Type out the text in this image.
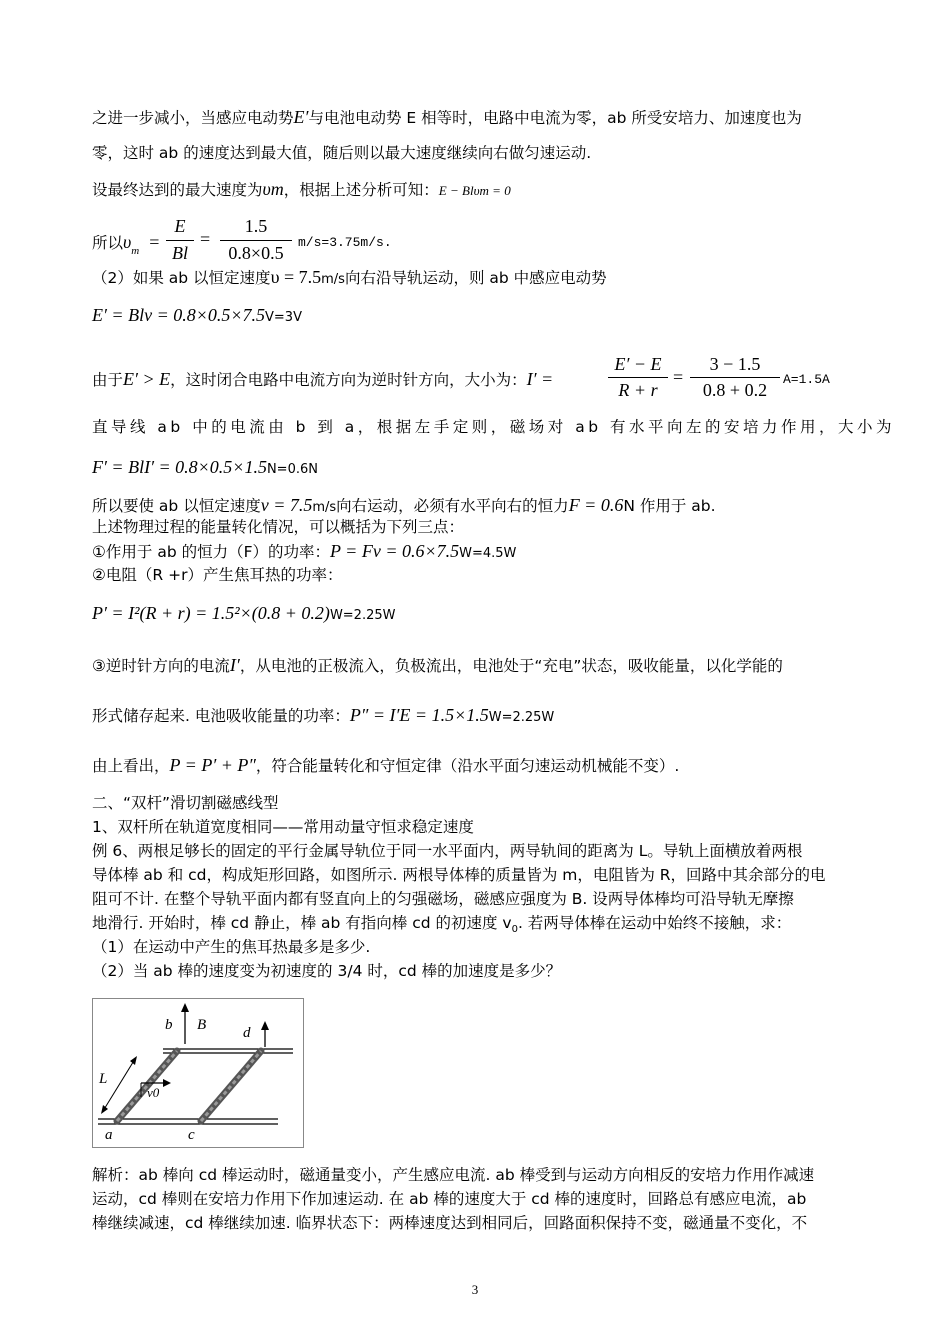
之进一步减小，当感应电动势E′与电池电动势 E 相等时，电路中电流为零，ab 所受安培力、加速度也为
零，这时 ab 的速度达到最大值，随后则以最大速度继续向右做匀速运动.
设最终达到的最大速度为υm，根据上述分析可知：E − Blυm = 0
所以$\upsilon_m$ =
E
Bl
=
1.5
0.8×0.5
m/s=3.75m/s.
（2）如果 ab 以恒定速度υ = 7.5m/s向右沿导轨运动，则 ab 中感应电动势
E′ = Blv = 0.8×0.5×7.5V=3V
由于E′ > E，这时闭合电路中电流方向为逆时针方向，大小为：I′ =
E′ − E
R + r
=
3 − 1.5
0.8 + 0.2
A=1.5A
直导线 ab 中的电流由 b 到 a，根据左手定则，磁场对 ab 有水平向左的安培力作用，大小为
F′ = BlI′ = 0.8×0.5×1.5N=0.6N
所以要使 ab 以恒定速度v = 7.5m/s向右运动，必须有水平向右的恒力F = 0.6N 作用于 ab.
上述物理过程的能量转化情况，可以概括为下列三点：
①作用于 ab 的恒力（F）的功率：P = Fv = 0.6×7.5W=4.5W
②电阻（R +r）产生焦耳热的功率：
P′ = I²(R + r) = 1.5²×(0.8 + 0.2)W=2.25W
③逆时针方向的电流I′，从电池的正极流入，负极流出，电池处于“充电”状态，吸收能量，以化学能的
形式储存起来. 电池吸收能量的功率：P″ = I′E = 1.5×1.5W=2.25W
由上看出，P = P′ + P″，符合能量转化和守恒定律（沿水平面匀速运动机械能不变）.
二、“双杆”滑切割磁感线型
1、双杆所在轨道宽度相同——常用动量守恒求稳定速度
例 6、两根足够长的固定的平行金属导轨位于同一水平面内，两导轨间的距离为 L。导轨上面横放着两根
导体棒 ab 和 cd，构成矩形回路，如图所示. 两根导体棒的质量皆为 m，电阻皆为 R，回路中其余部分的电
阻可不计. 在整个导轨平面内都有竖直向上的匀强磁场，磁感应强度为 B. 设两导体棒均可沿导轨无摩擦
地滑行. 开始时，棒 cd 静止，棒 ab 有指向棒 cd 的初速度 $v_0$. 若两导体棒在运动中始终不接触，求：
（1）在运动中产生的焦耳热最多是多少.
（2）当 ab 棒的速度变为初速度的 3/4 时，cd 棒的加速度是多少？
b B d
L
v0
a	c
解析：ab 棒向 cd 棒运动时，磁通量变小，产生感应电流. ab 棒受到与运动方向相反的安培力作用作减速
运动，cd 棒则在安培力作用下作加速运动. 在 ab 棒的速度大于 cd 棒的速度时，回路总有感应电流，ab
棒继续减速，cd 棒继续加速. 临界状态下：两棒速度达到相同后，回路面积保持不变，磁通量不变化，不
3
